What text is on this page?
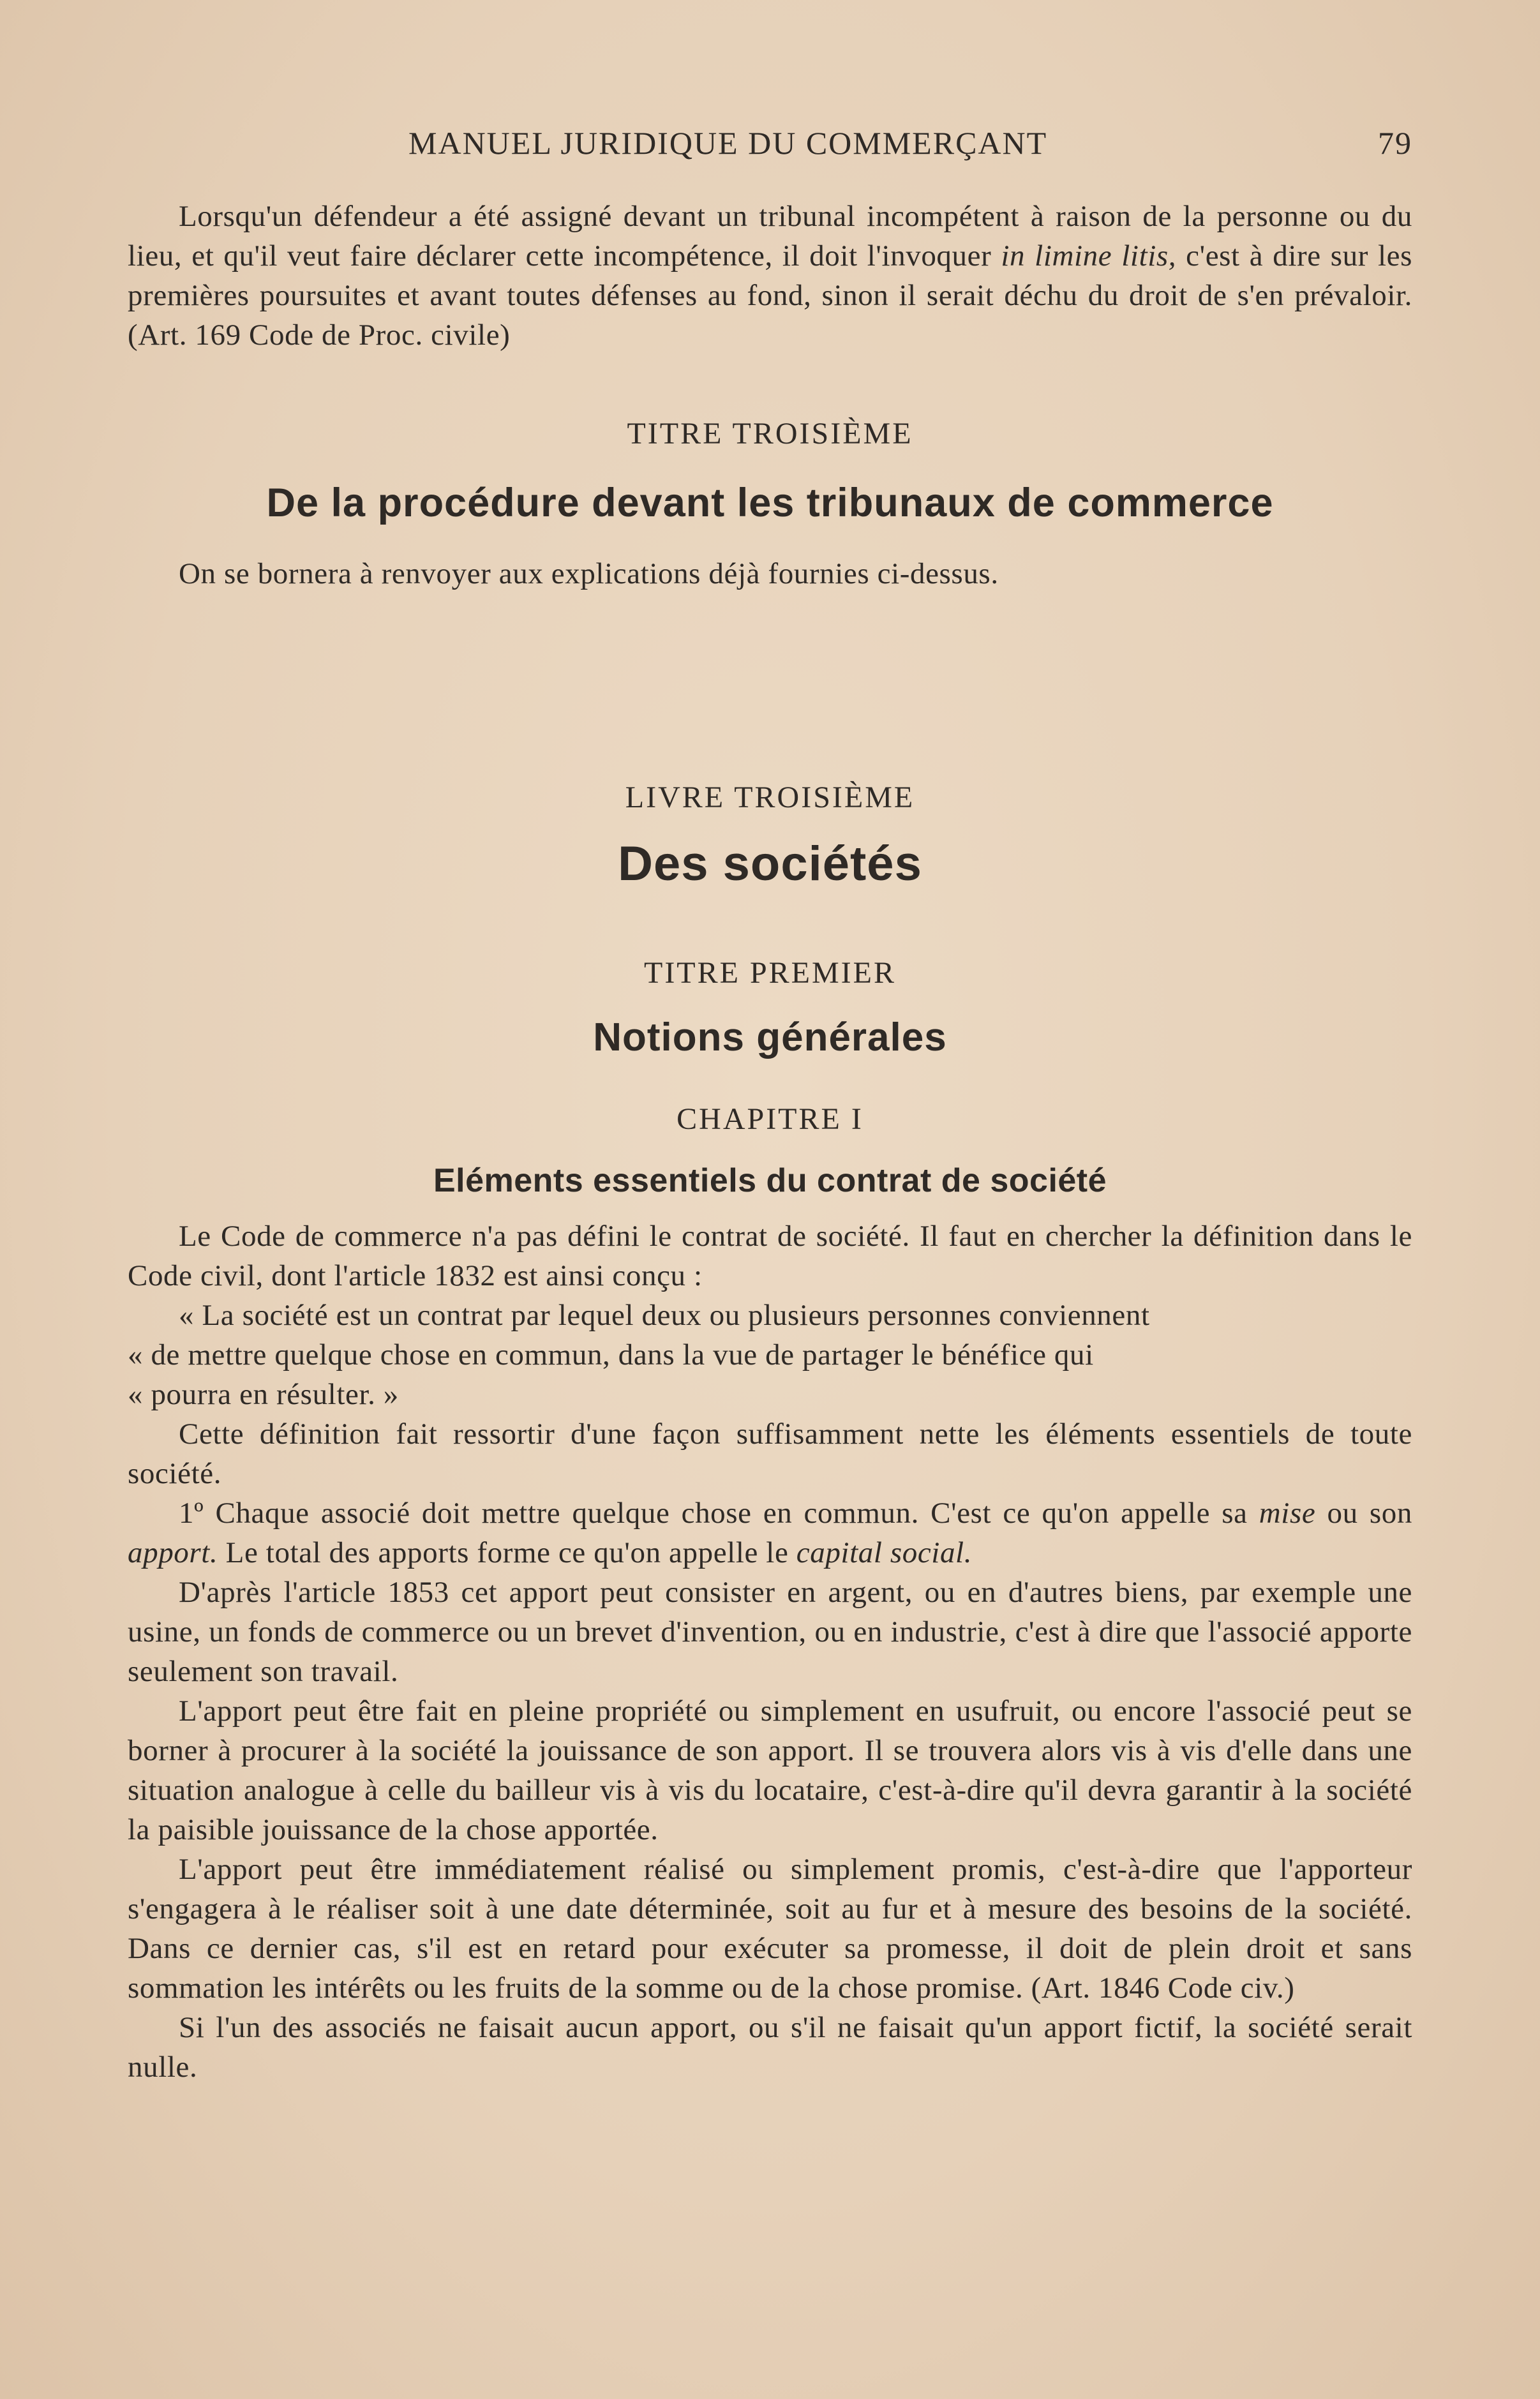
MANUEL JURIDIQUE DU COMMERÇANT	79

Lorsqu'un défendeur a été assigné devant un tribunal incompétent à raison de la personne ou du lieu, et qu'il veut faire déclarer cette incompétence, il doit l'invoquer in limine litis, c'est à dire sur les premières poursuites et avant toutes défenses au fond, sinon il serait déchu du droit de s'en prévaloir. (Art. 169 Code de Proc. civile)

TITRE TROISIÈME
De la procédure devant les tribunaux de commerce

On se bornera à renvoyer aux explications déjà fournies ci-dessus.

LIVRE TROISIÈME
Des sociétés
TITRE PREMIER
Notions générales
CHAPITRE I
Eléments essentiels du contrat de société

Le Code de commerce n'a pas défini le contrat de société. Il faut en chercher la définition dans le Code civil, dont l'article 1832 est ainsi conçu :

« La société est un contrat par lequel deux ou plusieurs personnes conviennent

« de mettre quelque chose en commun, dans la vue de partager le bénéfice qui

« pourra en résulter. »

Cette définition fait ressortir d'une façon suffisamment nette les éléments essentiels de toute société.

1º Chaque associé doit mettre quelque chose en commun. C'est ce qu'on appelle sa mise ou son apport. Le total des apports forme ce qu'on appelle le capital social.

D'après l'article 1853 cet apport peut consister en argent, ou en d'autres biens, par exemple une usine, un fonds de commerce ou un brevet d'invention, ou en industrie, c'est à dire que l'associé apporte seulement son travail.

L'apport peut être fait en pleine propriété ou simplement en usufruit, ou encore l'associé peut se borner à procurer à la société la jouissance de son apport. Il se trouvera alors vis à vis d'elle dans une situation analogue à celle du bailleur vis à vis du locataire, c'est-à-dire qu'il devra garantir à la société la paisible jouissance de la chose apportée.

L'apport peut être immédiatement réalisé ou simplement promis, c'est-à-dire que l'apporteur s'engagera à le réaliser soit à une date déterminée, soit au fur et à mesure des besoins de la société. Dans ce dernier cas, s'il est en retard pour exécuter sa promesse, il doit de plein droit et sans sommation les intérêts ou les fruits de la somme ou de la chose promise. (Art. 1846 Code civ.)

Si l'un des associés ne faisait aucun apport, ou s'il ne faisait qu'un apport fictif, la société serait nulle.
